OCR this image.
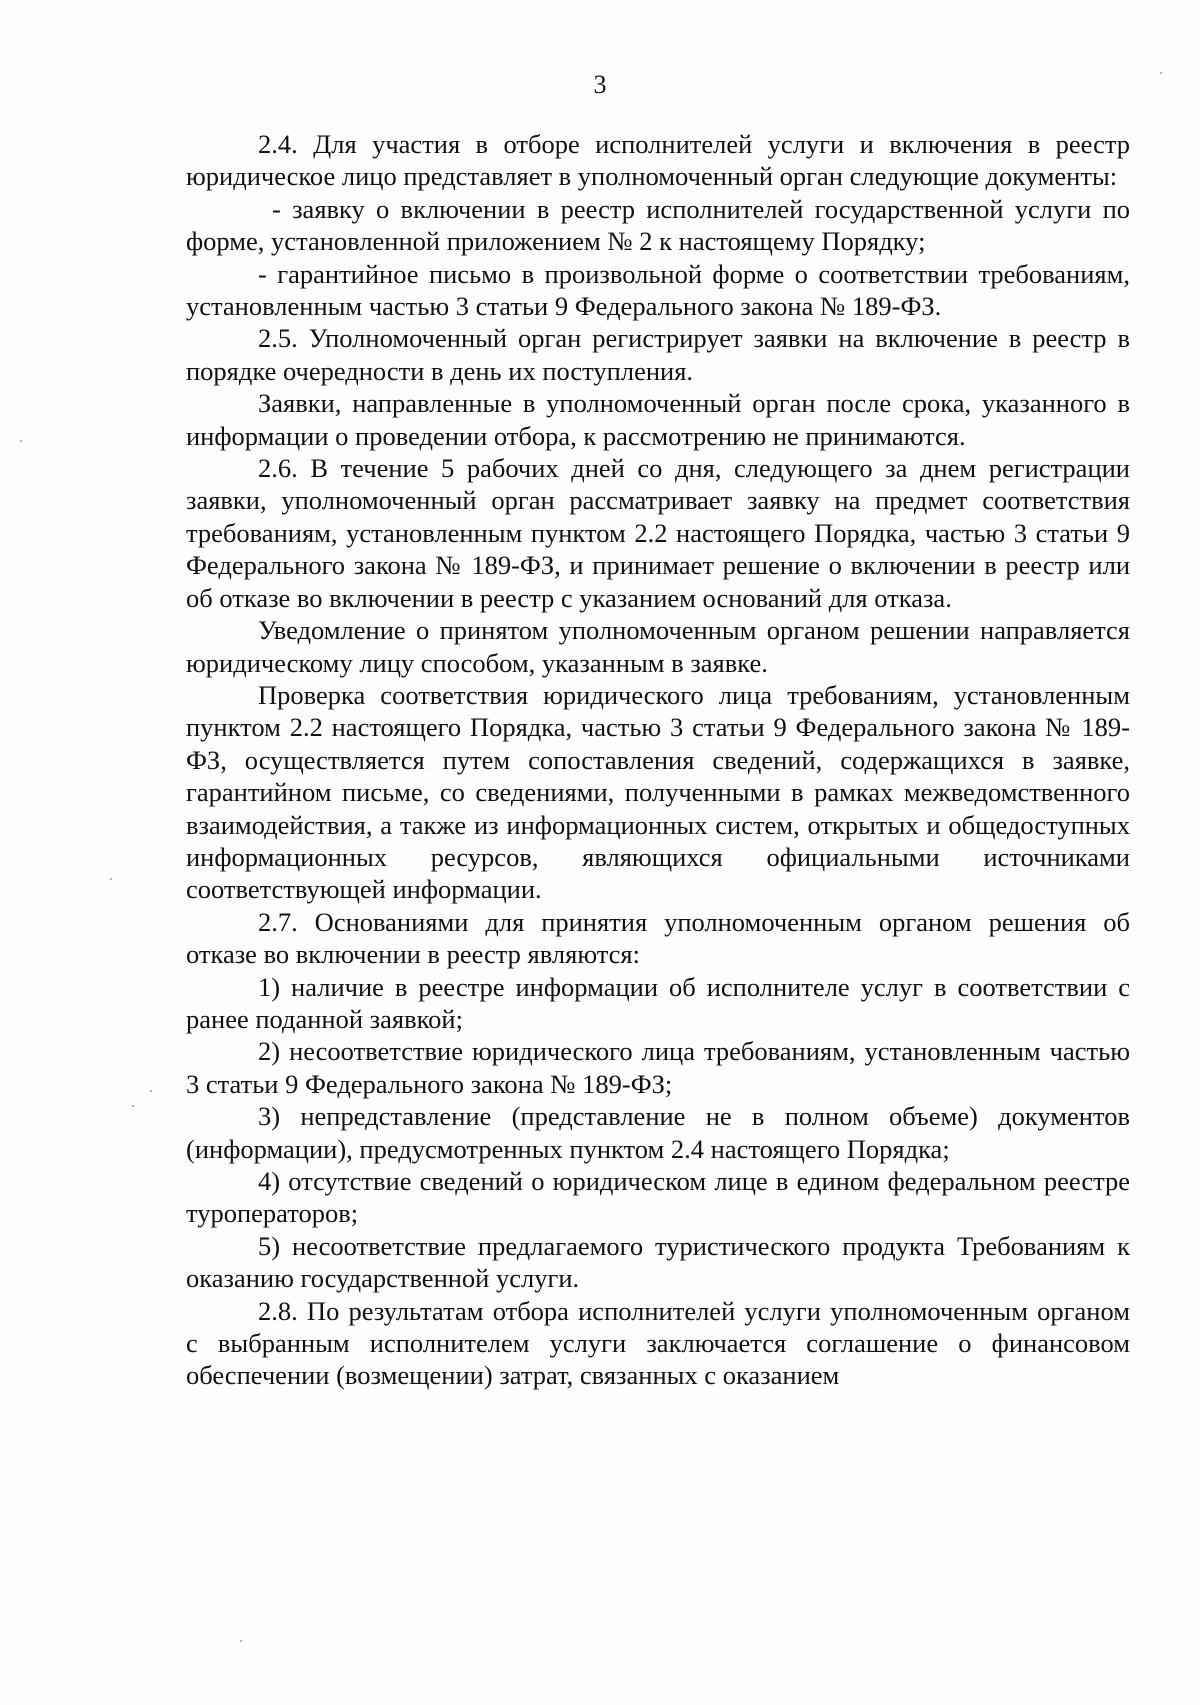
3

2.4. Для участия в отборе исполнителей услуги и включения в реестр юридическое лицо представляет в уполномоченный орган следующие документы:

- заявку о включении в реестр исполнителей государственной услуги по форме, установленной приложением № 2 к настоящему Порядку;

- гарантийное письмо в произвольной форме о соответствии требованиям, установленным частью 3 статьи 9 Федерального закона № 189-ФЗ.

2.5. Уполномоченный орган регистрирует заявки на включение в реестр в порядке очередности в день их поступления.

Заявки, направленные в уполномоченный орган после срока, указанного в информации о проведении отбора, к рассмотрению не принимаются.

2.6. В течение 5 рабочих дней со дня, следующего за днем регистрации заявки, уполномоченный орган рассматривает заявку на предмет соответствия требованиям, установленным пунктом 2.2 настоящего Порядка, частью 3 статьи 9 Федерального закона № 189-ФЗ, и принимает решение о включении в реестр или об отказе во включении в реестр с указанием оснований для отказа.

Уведомление о принятом уполномоченным органом решении направляется юридическому лицу способом, указанным в заявке.

Проверка соответствия юридического лица требованиям, установленным пунктом 2.2 настоящего Порядка, частью 3 статьи 9 Федерального закона № 189-ФЗ, осуществляется путем сопоставления сведений, содержащихся в заявке, гарантийном письме, со сведениями, полученными в рамках межведомственного взаимодействия, а также из информационных систем, открытых и общедоступных информационных ресурсов, являющихся официальными источниками соответствующей информации.

2.7. Основаниями для принятия уполномоченным органом решения об отказе во включении в реестр являются:

1) наличие в реестре информации об исполнителе услуг в соответствии с ранее поданной заявкой;

2) несоответствие юридического лица требованиям, установленным частью 3 статьи 9 Федерального закона № 189-ФЗ;

3) непредставление (представление не в полном объеме) документов (информации), предусмотренных пунктом 2.4 настоящего Порядка;

4) отсутствие сведений о юридическом лице в едином федеральном реестре туроператоров;

5) несоответствие предлагаемого туристического продукта Требованиям к оказанию государственной услуги.

2.8. По результатам отбора исполнителей услуги уполномоченным органом с выбранным исполнителем услуги заключается соглашение о финансовом обеспечении (возмещении) затрат, связанных с оказанием
